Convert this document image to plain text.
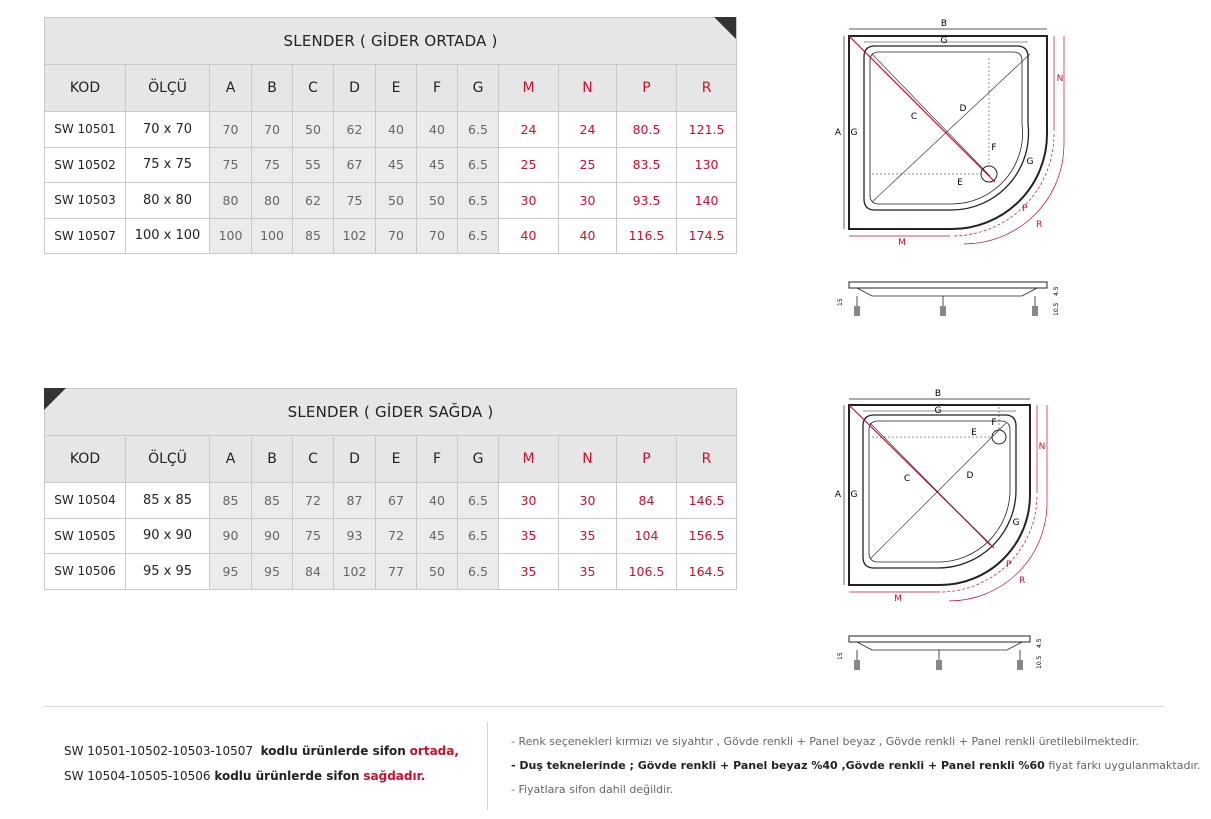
SLENDER ( GİDER ORTADA )												
KOD	ÖLÇÜ	A	B	C	D	E	F	G	M	N	P	R
SW 10501	70 x 70	70	70	50	62	40	40	6.5	24	24	80.5	121.5
SW 10502	75 x 75	75	75	55	67	45	45	6.5	25	25	83.5	130
SW 10503	80 x 80	80	80	62	75	50	50	6.5	30	30	93.5	140
SW 10507	100 x 100	100	100	85	102	70	70	6.5	40	40	116.5	174.5
SLENDER ( GİDER SAĞDA )												
KOD	ÖLÇÜ	A	B	C	D	E	F	G	M	N	P	R
SW 10504	85 x 85	85	85	72	87	67	40	6.5	30	30	84	146.5
SW 10505	90 x 90	90	90	75	93	72	45	6.5	35	35	104	156.5
SW 10506	95 x 95	95	95	84	102	77	50	6.5	35	35	106.5	164.5
B
G
A G
C
D
E
F
G
N
P
R
M
15
4.5
10.5
B
G
A G
C	D
E
F
G
N
P
R
M
15
4.5
10.5
SW 10501-10502-10503-10507 kodlu ürünlerde sifon ortada,
SW 10504-10505-10506 kodlu ürünlerde sifon sağdadır.
- Renk seçenekleri kırmızı ve siyahtır , Gövde renkli + Panel beyaz , Gövde renkli + Panel renkli üretilebilmektedir.
- Duş teknelerinde ; Gövde renkli + Panel beyaz %40 ,Gövde renkli + Panel renkli %60 fiyat farkı uygulanmaktadır.
- Fiyatlara sifon dahil değildir.
